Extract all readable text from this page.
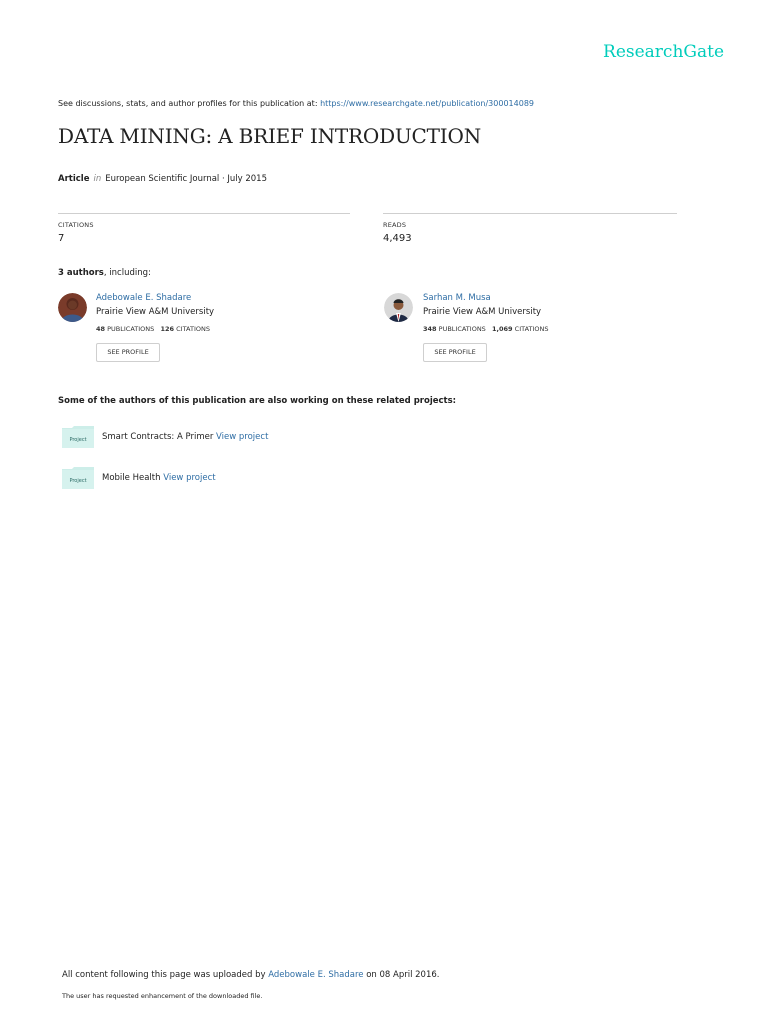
ResearchGate
See discussions, stats, and author profiles for this publication at: https://www.researchgate.net/publication/300014089
DATA MINING: A BRIEF INTRODUCTION
Article in European Scientific Journal · July 2015
CITATIONS
7
READS
4,493
3 authors, including:
Adebowale E. Shadare
Prairie View A&M University
48 PUBLICATIONS 126 CITATIONS
SEE PROFILE
Sarhan M. Musa
Prairie View A&M University
348 PUBLICATIONS 1,069 CITATIONS
SEE PROFILE
Some of the authors of this publication are also working on these related projects:
Project Smart Contracts: A Primer View project
Project Mobile Health View project
All content following this page was uploaded by Adebowale E. Shadare on 08 April 2016.
The user has requested enhancement of the downloaded file.
